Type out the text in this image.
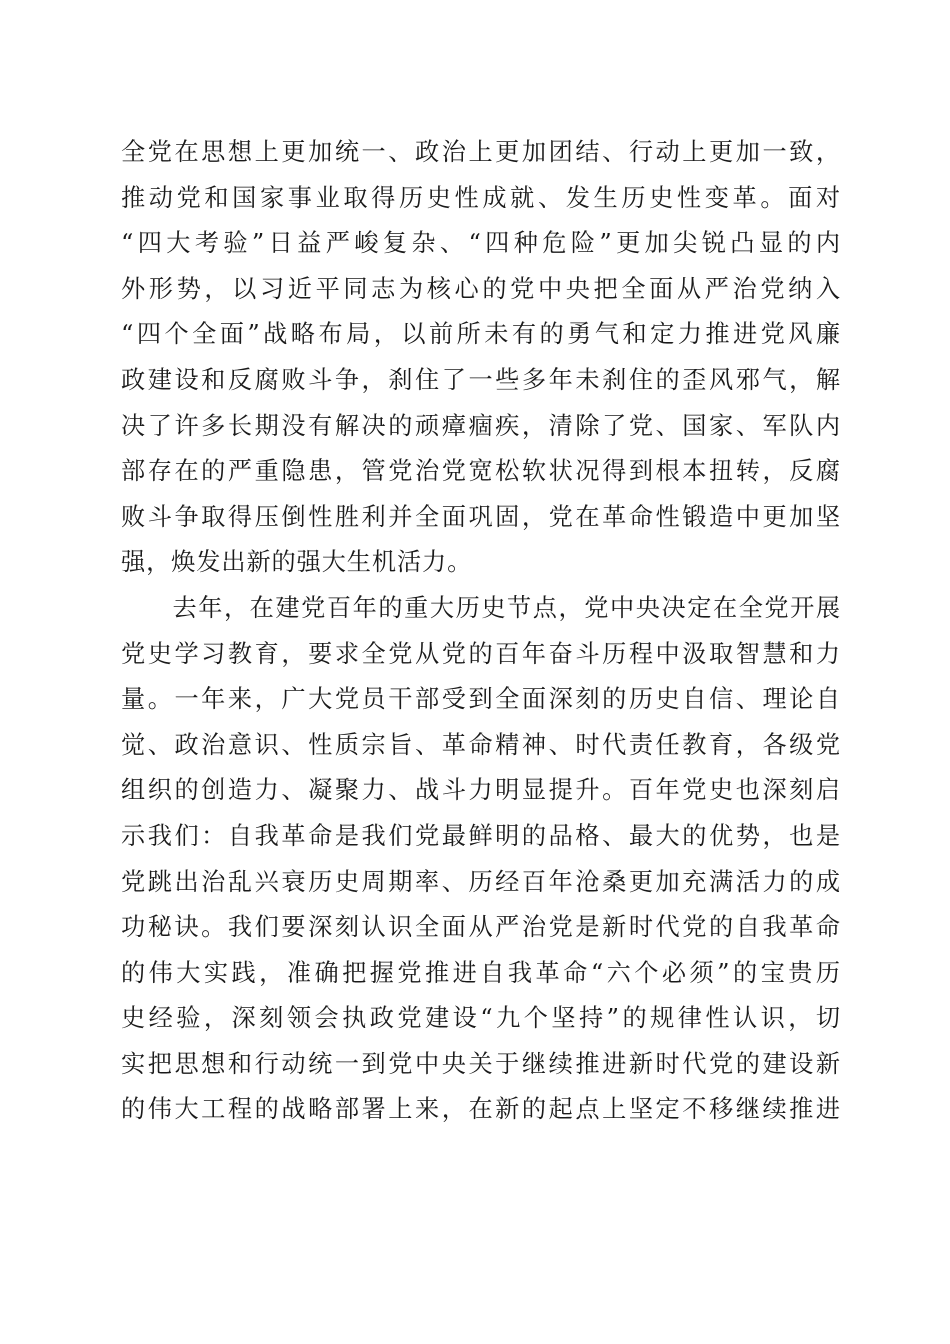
全党在思想上更加统一、政治上更加团结、行动上更加一致，
推动党和国家事业取得历史性成就、发生历史性变革。面对
“四大考验”日益严峻复杂、“四种危险”更加尖锐凸显的内
外形势，以习近平同志为核心的党中央把全面从严治党纳入
“四个全面”战略布局，以前所未有的勇气和定力推进党风廉
政建设和反腐败斗争，刹住了一些多年未刹住的歪风邪气，解
决了许多长期没有解决的顽瘴痼疾，清除了党、国家、军队内
部存在的严重隐患，管党治党宽松软状况得到根本扭转，反腐
败斗争取得压倒性胜利并全面巩固，党在革命性锻造中更加坚
强，焕发出新的强大生机活力。
　　去年，在建党百年的重大历史节点，党中央决定在全党开展
党史学习教育，要求全党从党的百年奋斗历程中汲取智慧和力
量。一年来，广大党员干部受到全面深刻的历史自信、理论自
觉、政治意识、性质宗旨、革命精神、时代责任教育，各级党
组织的创造力、凝聚力、战斗力明显提升。百年党史也深刻启
示我们：自我革命是我们党最鲜明的品格、最大的优势，也是
党跳出治乱兴衰历史周期率、历经百年沧桑更加充满活力的成
功秘诀。我们要深刻认识全面从严治党是新时代党的自我革命
的伟大实践，准确把握党推进自我革命“六个必须”的宝贵历
史经验，深刻领会执政党建设“九个坚持”的规律性认识，切
实把思想和行动统一到党中央关于继续推进新时代党的建设新
的伟大工程的战略部署上来，在新的起点上坚定不移继续推进
